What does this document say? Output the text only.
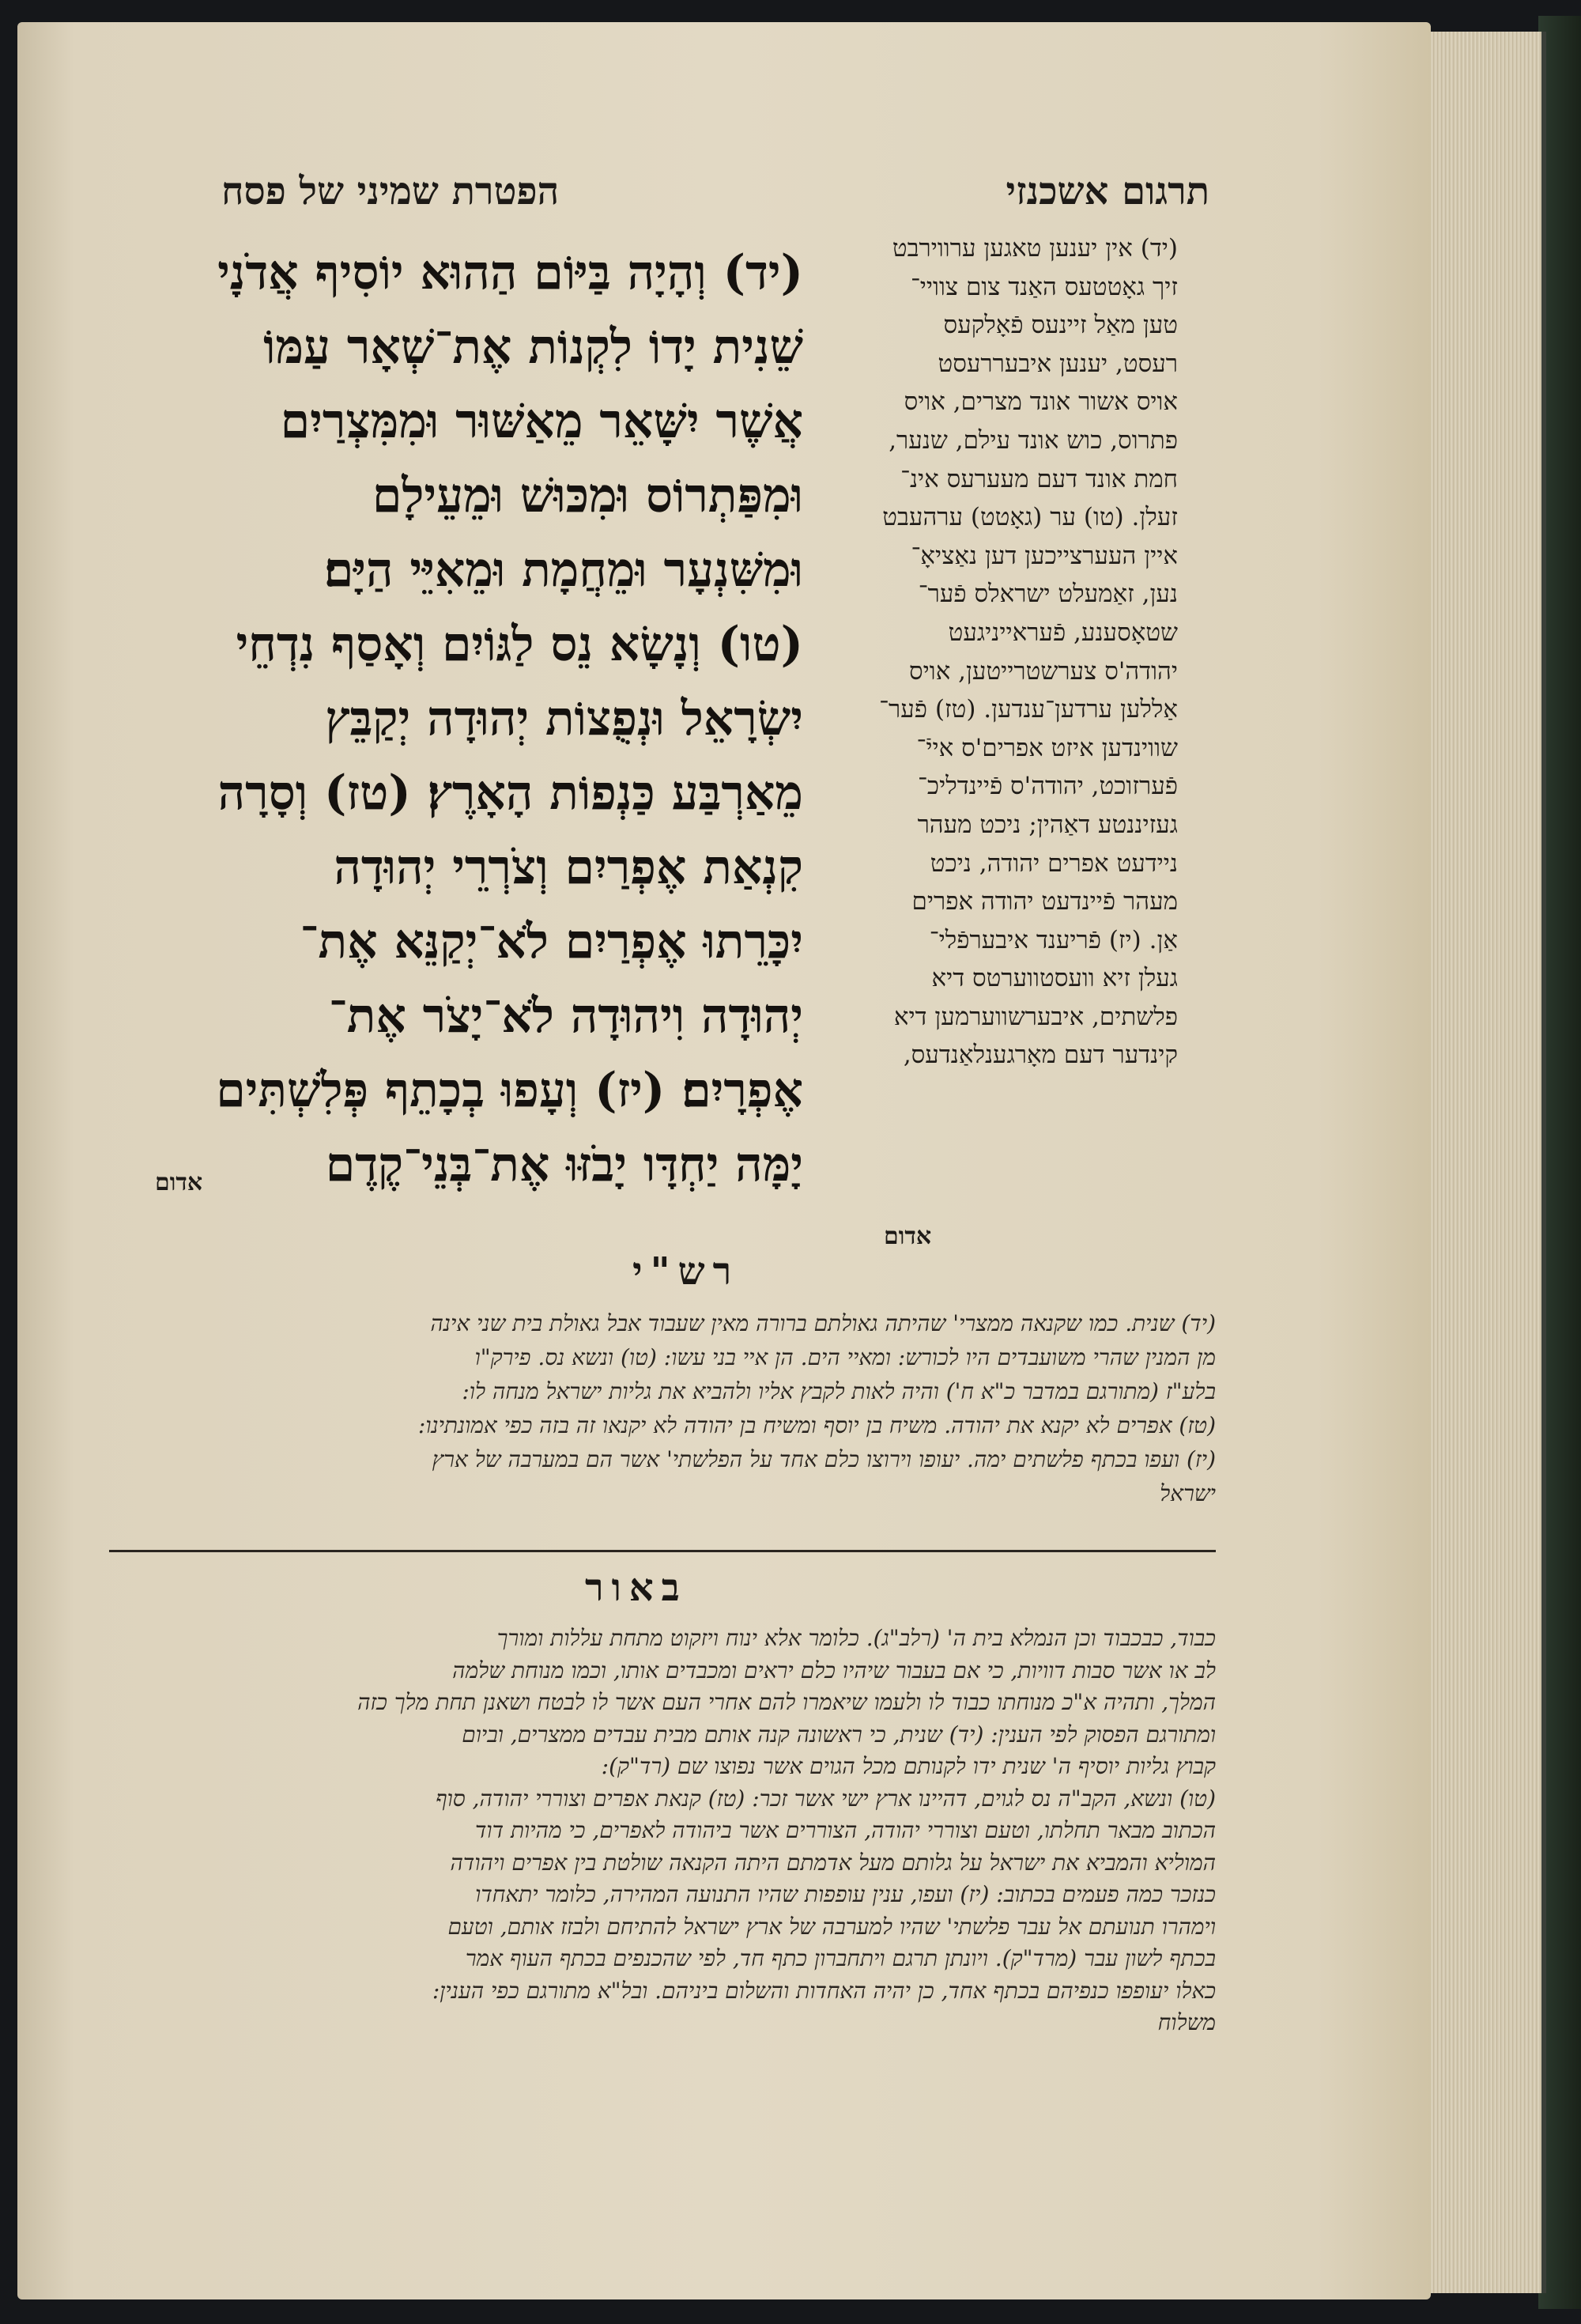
תרגום אשכנזי
הפטרת שמיני של פסח
(יד) וְהָיָה בַּיּוֹם הַהוּא יוֹסִיף אֲדֹנָי
שֵׁנִית יָדוֹ לִקְנוֹת אֶת־שְׁאָר עַמּוֹ
אֲשֶׁר יִשָּׁאֵר מֵאַשּׁוּר וּמִמִּצְרַיִם
וּמִפַּתְרוֹס וּמִכּוּשׁ וּמֵעֵילָם
וּמִשִּׁנְעָר וּמֵחֲמָת וּמֵאִיֵּי הַיָּם׃
(טו) וְנָשָׂא נֵס לַגּוֹיִם וְאָסַף נִדְחֵי
יִשְׂרָאֵל וּנְפֻצוֹת יְהוּדָה יְקַבֵּץ
מֵאַרְבַּע כַּנְפוֹת הָאָרֶץ׃ (טז) וְסָרָה
קִנְאַת אֶפְרַיִם וְצֹרְרֵי יְהוּדָה
יִכָּרֵתוּ אֶפְרַיִם לֹא־יְקַנֵּא אֶת־
יְהוּדָה וִיהוּדָה לֹא־יָצֹר אֶת־
אֶפְרָיִם׃ (יז) וְעָפוּ בְכָתֵף פְּלִשְׁתִּים
יָמָּה יַחְדָּו יָבֹזּוּ אֶת־בְּנֵי־קֶדֶם
אדום
(יד) אין יענען טאגען ערווירבט
זיך גאָטטעס האַנד צום צוויי־
טען מאַל זיינעס פֿאָלקעס
רעסט, יענען איבעררעסט
אויס אשור אונד מצרים, אויס
פתרוס, כוש אונד עילם, שנער,
חמת אונד דעם מעערעס אינ־
זעלן. (טו) ער (גאָטט) ערהעבט
איין העערצייכען דען נאַציאָ־
נען, זאַמעלט ישראלס פֿער־
שטאָסענע, פֿעראייניגעט
יהודה'ס צערשטרייטען, אויס
אַללען ערדען־ענדען. (טז) פֿער־
שווינדען איזט אפרים'ס אייֿ־
פֿערזוכט, יהודה'ס פֿיינדליכ־
געזיננטע דאַהין; ניכט מעהר
ניידעט אפרים יהודה, ניכט
מעהר פֿיינדעט יהודה אפרים
אַן. (יז) פֿריענד איבערפֿלי־
געלן זיא וועסטווערטס דיא
פלשתים, איבערשווערמען דיא
קינדער דעם מאָרגענלאַנדעס,
אדום
רש"י
(יד) שנית. כמו שקנאה ממצרי' שהיתה גאולתם ברורה מאין שעבוד אבל גאולת בית שני אינה
מן המנין שהרי משועבדים היו לכורש: ומאיי הים. הן איי בני עשו: (טו) ונשא נס. פירק"ו
בלע"ז (מתורגם במדבר כ"א ח') והיה לאות לקבץ אליו ולהביא את גליות ישראל מנחה לו:
(טז) אפרים לא יקנא את יהודה. משיח בן יוסף ומשיח בן יהודה לא יקנאו זה בזה כפי אמונתינו:
(יז) ועפו בכתף פלשתים ימה. יעופו וירוצו כלם אחד על הפלשתי' אשר הם במערבה של ארץ
ישראל
באור
כבוד, כבכבוד וכן הנמלא בית ה' (רלב"ג). כלומר אלא ינוח ויזקוט מתחת עללות ומורך
לב או אשר סבות דוויות, כי אם בעבור שיהיו כלם יראים ומכבדים אותו, וכמו מנוחת שלמה
המלך, ותהיה א"כ מנוחתו כבוד לו ולעמו שיאמרו להם אחרי העם אשר לו לבטח ושאנן תחת מלך כזה
ומתורגם הפסוק לפי הענין: (יד) שנית, כי ראשונה קנה אותם מבית עבדים ממצרים, וביום
קבוץ גליות יוסיף ה' שנית ידו לקנותם מכל הגוים אשר נפוצו שם (רד"ק):
(טו) ונשא, הקב"ה נס לגוים, דהיינו ארץ ישי אשר זכר: (טז) קנאת אפרים וצוררי יהודה, סוף
הכתוב מבאר תחלתו, וטעם וצוררי יהודה, הצוררים אשר ביהודה לאפרים, כי מהיות דוד
המוליא והמביא את ישראל על גלותם מעל אדמתם היתה הקנאה שולטת בין אפרים ויהודה
כנזכר כמה פעמים בכתוב: (יז) ועפו, ענין עופפות שהיו התנועה המהירה, כלומר יתאחדו
וימהרו תנועתם אל עבר פלשתי' שהיו למערבה של ארץ ישראל להתיחם ולבזז אותם, וטעם
בכתף לשון עבר (מרד"ק). ויונתן תרגם ויתחברון כתף חד, לפי שהכנפים בכתף העוף אמר
כאלו יעופפו כנפיהם בכתף אחד, כן יהיה האחדות והשלום ביניהם. ובל"א מתורגם כפי הענין:
משלוח
